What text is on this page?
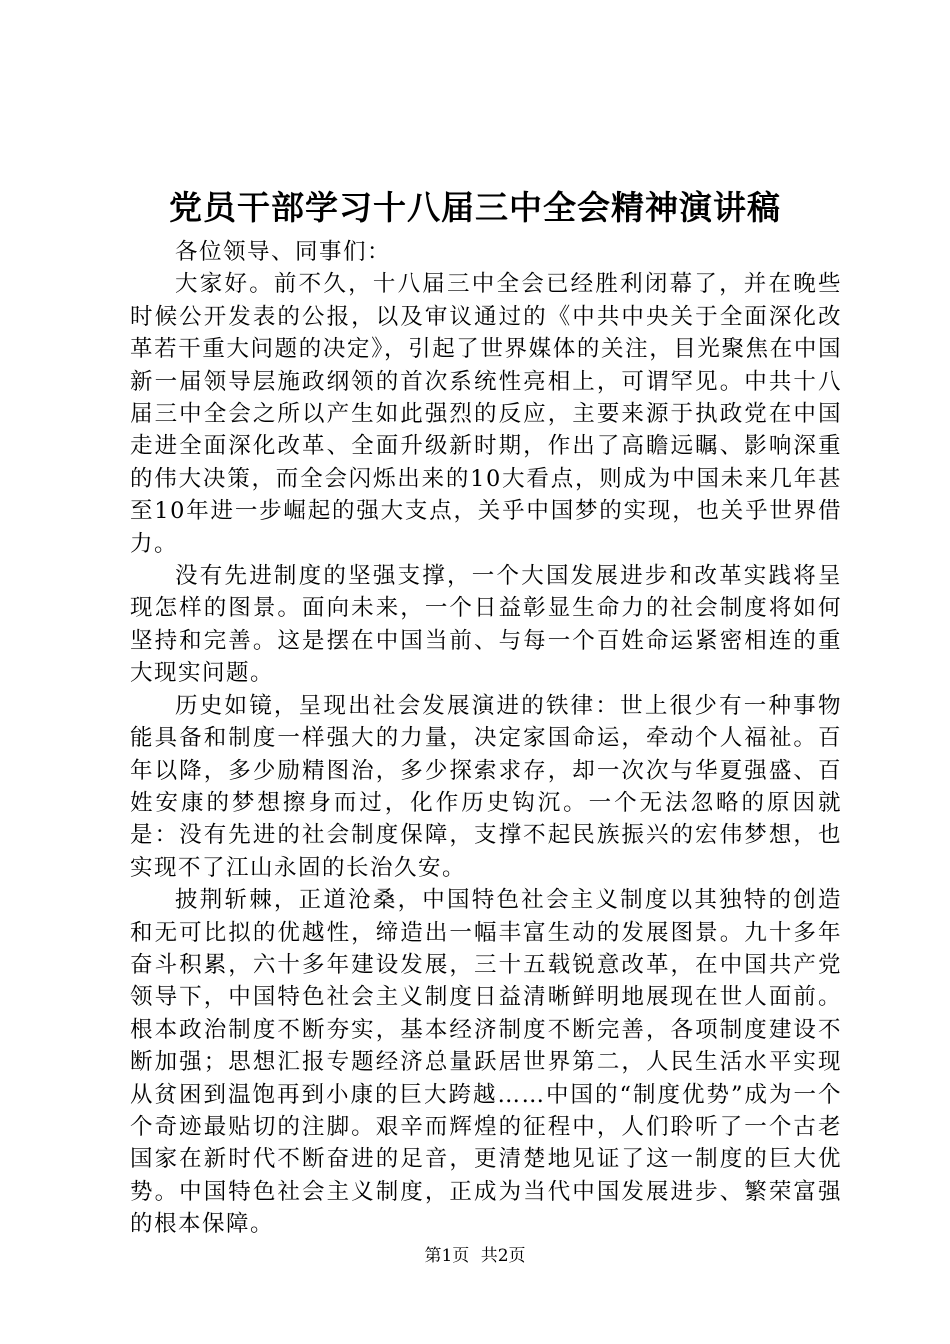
党员干部学习十八届三中全会精神演讲稿

各位领导、同事们：

大家好。前不久，十八届三中全会已经胜利闭幕了，并在晚些时候公开发表的公报，以及审议通过的《中共中央关于全面深化改革若干重大问题的决定》，引起了世界媒体的关注，目光聚焦在中国新一届领导层施政纲领的首次系统性亮相上，可谓罕见。中共十八届三中全会之所以产生如此强烈的反应，主要来源于执政党在中国走进全面深化改革、全面升级新时期，作出了高瞻远瞩、影响深重的伟大决策，而全会闪烁出来的10大看点，则成为中国未来几年甚至10年进一步崛起的强大支点，关乎中国梦的实现，也关乎世界借力。

没有先进制度的坚强支撑，一个大国发展进步和改革实践将呈现怎样的图景。面向未来，一个日益彰显生命力的社会制度将如何坚持和完善。这是摆在中国当前、与每一个百姓命运紧密相连的重大现实问题。

历史如镜，呈现出社会发展演进的铁律：世上很少有一种事物能具备和制度一样强大的力量，决定家国命运，牵动个人福祉。百年以降，多少励精图治，多少探索求存，却一次次与华夏强盛、百姓安康的梦想擦身而过，化作历史钩沉。一个无法忽略的原因就是：没有先进的社会制度保障，支撑不起民族振兴的宏伟梦想，也实现不了江山永固的长治久安。

披荆斩棘，正道沧桑，中国特色社会主义制度以其独特的创造和无可比拟的优越性，缔造出一幅丰富生动的发展图景。九十多年奋斗积累，六十多年建设发展，三十五载锐意改革，在中国共产党领导下，中国特色社会主义制度日益清晰鲜明地展现在世人面前。根本政治制度不断夯实，基本经济制度不断完善，各项制度建设不断加强；思想汇报专题经济总量跃居世界第二，人民生活水平实现从贫困到温饱再到小康的巨大跨越……中国的“制度优势”成为一个个奇迹最贴切的注脚。艰辛而辉煌的征程中，人们聆听了一个古老国家在新时代不断奋进的足音，更清楚地见证了这一制度的巨大优势。中国特色社会主义制度，正成为当代中国发展进步、繁荣富强的根本保障。

第1页 共2页
